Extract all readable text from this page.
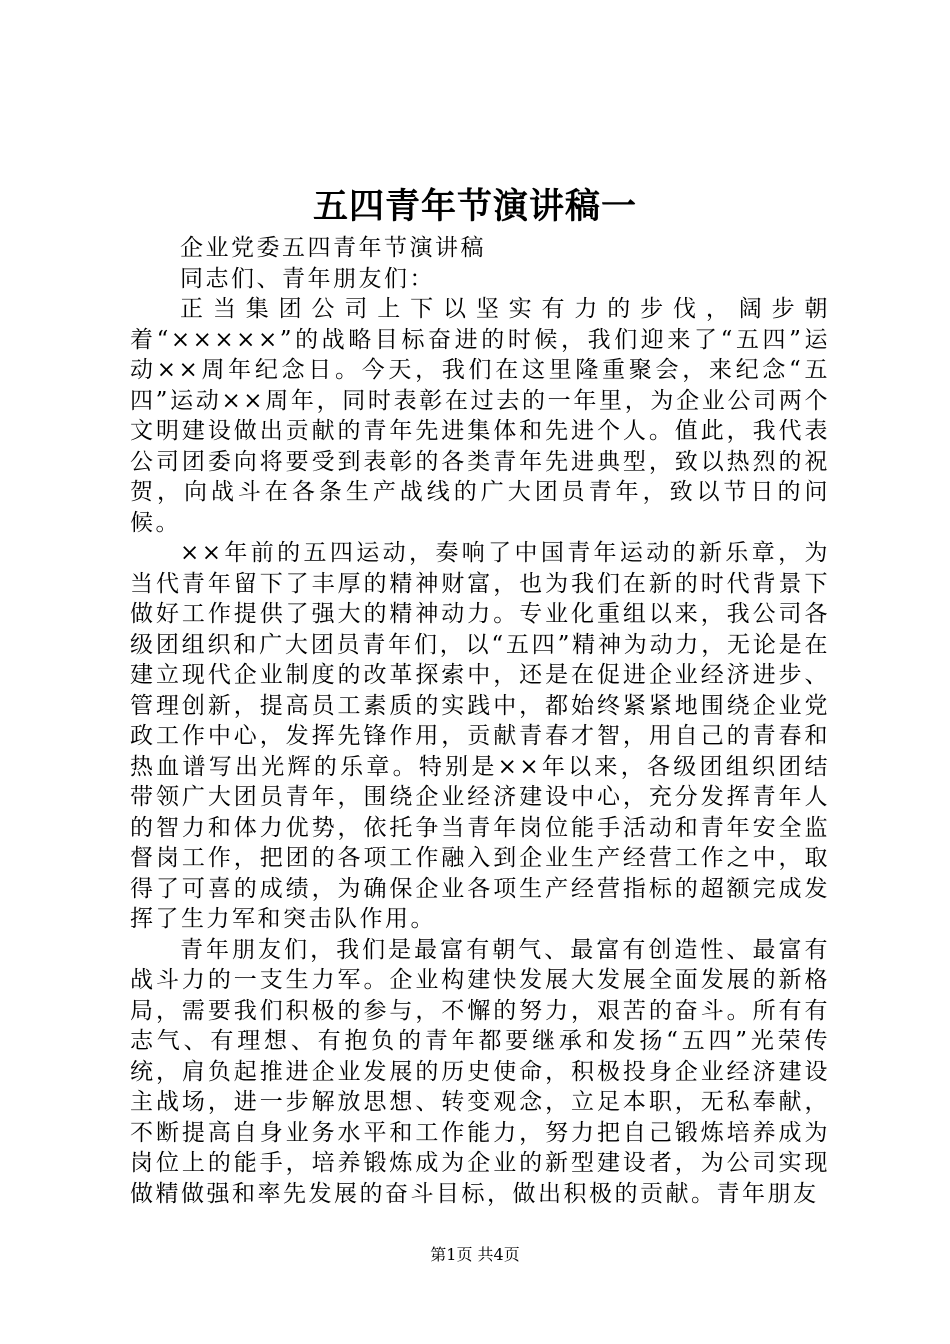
五四青年节演讲稿一

企业党委五四青年节演讲稿

同志们、青年朋友们：

正当集团公司上下以坚实有力的步伐，阔步朝着“×××××”的战略目标奋进的时候，我们迎来了“五四”运动××周年纪念日。今天，我们在这里隆重聚会，来纪念“五四”运动××周年，同时表彰在过去的一年里，为企业公司两个文明建设做出贡献的青年先进集体和先进个人。值此，我代表公司团委向将要受到表彰的各类青年先进典型，致以热烈的祝贺，向战斗在各条生产战线的广大团员青年，致以节日的问候。

××年前的五四运动，奏响了中国青年运动的新乐章，为当代青年留下了丰厚的精神财富，也为我们在新的时代背景下做好工作提供了强大的精神动力。专业化重组以来，我公司各级团组织和广大团员青年们，以“五四”精神为动力，无论是在建立现代企业制度的改革探索中，还是在促进企业经济进步、管理创新，提高员工素质的实践中，都始终紧紧地围绕企业党政工作中心，发挥先锋作用，贡献青春才智，用自己的青春和热血谱写出光辉的乐章。特别是××年以来，各级团组织团结带领广大团员青年，围绕企业经济建设中心，充分发挥青年人的智力和体力优势，依托争当青年岗位能手活动和青年安全监督岗工作，把团的各项工作融入到企业生产经营工作之中，取得了可喜的成绩，为确保企业各项生产经营指标的超额完成发挥了生力军和突击队作用。

青年朋友们，我们是最富有朝气、最富有创造性、最富有战斗力的一支生力军。企业构建快发展大发展全面发展的新格局，需要我们积极的参与，不懈的努力，艰苦的奋斗。所有有志气、有理想、有抱负的青年都要继承和发扬“五四”光荣传统，肩负起推进企业发展的历史使命，积极投身企业经济建设主战场，进一步解放思想、转变观念，立足本职，无私奉献，不断提高自身业务水平和工作能力，努力把自己锻炼培养成为岗位上的能手，培养锻炼成为企业的新型建设者，为公司实现做精做强和率先发展的奋斗目标，做出积极的贡献。青年朋友

第1页 共4页
